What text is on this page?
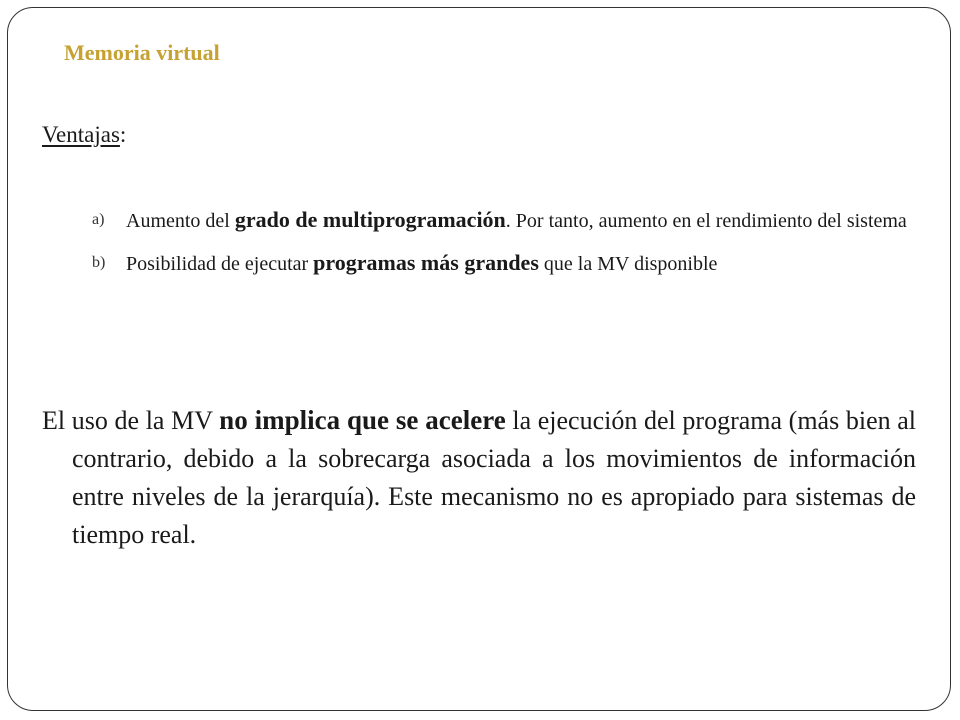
Memoria virtual
Ventajas:
a) Aumento del grado de multiprogramación. Por tanto, aumento en el rendimiento del sistema
b) Posibilidad de ejecutar programas más grandes que la MV disponible
El uso de la MV no implica que se acelere la ejecución del programa (más bien al contrario, debido a la sobrecarga asociada a los movimientos de información entre niveles de la jerarquía). Este mecanismo no es apropiado para sistemas de tiempo real.
